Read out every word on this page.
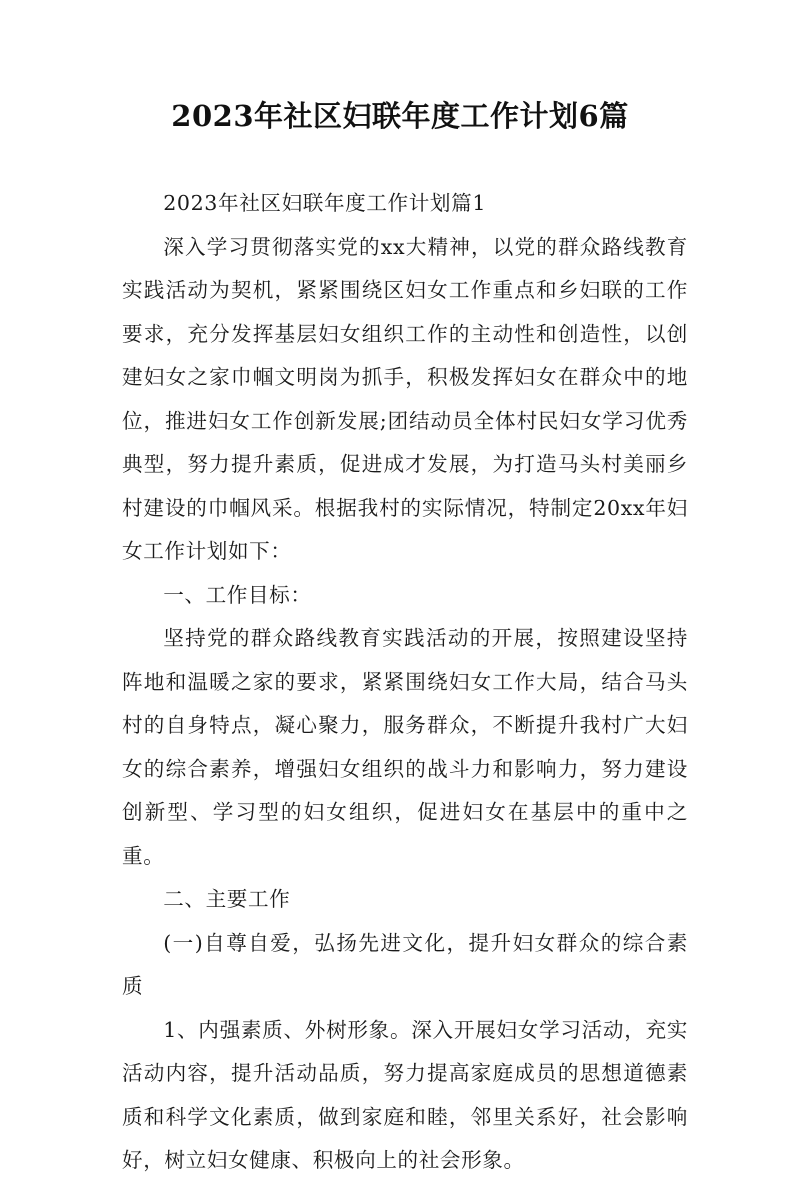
2023年社区妇联年度工作计划6篇

2023年社区妇联年度工作计划篇1

深入学习贯彻落实党的xx大精神，以党的群众路线教育实践活动为契机，紧紧围绕区妇女工作重点和乡妇联的工作要求，充分发挥基层妇女组织工作的主动性和创造性，以创建妇女之家巾帼文明岗为抓手，积极发挥妇女在群众中的地位，推进妇女工作创新发展;团结动员全体村民妇女学习优秀典型，努力提升素质，促进成才发展，为打造马头村美丽乡村建设的巾帼风采。根据我村的实际情况，特制定20xx年妇女工作计划如下：

一、工作目标：

坚持党的群众路线教育实践活动的开展，按照建设坚持阵地和温暖之家的要求，紧紧围绕妇女工作大局，结合马头村的自身特点，凝心聚力，服务群众，不断提升我村广大妇女的综合素养，增强妇女组织的战斗力和影响力，努力建设创新型、学习型的妇女组织，促进妇女在基层中的重中之重。

二、主要工作

(一)自尊自爱，弘扬先进文化，提升妇女群众的综合素质

1、内强素质、外树形象。深入开展妇女学习活动，充实活动内容，提升活动品质，努力提高家庭成员的思想道德素质和科学文化素质，做到家庭和睦，邻里关系好，社会影响好，树立妇女健康、积极向上的社会形象。
